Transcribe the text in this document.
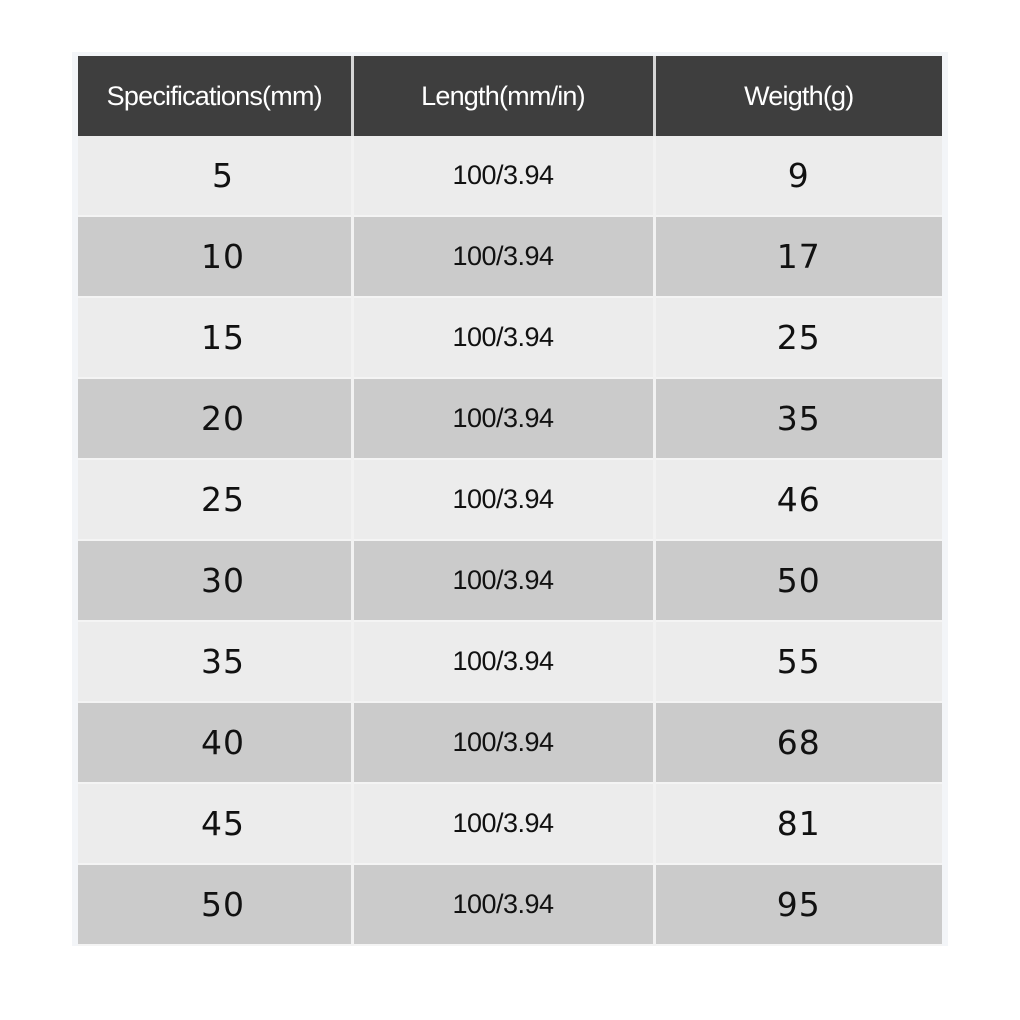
Specifications(mm)	Length(mm/in)	Weigth(g)
5	100/3.94	9
10	100/3.94	17
15	100/3.94	25
20	100/3.94	35
25	100/3.94	46
30	100/3.94	50
35	100/3.94	55
40	100/3.94	68
45	100/3.94	81
50	100/3.94	95
